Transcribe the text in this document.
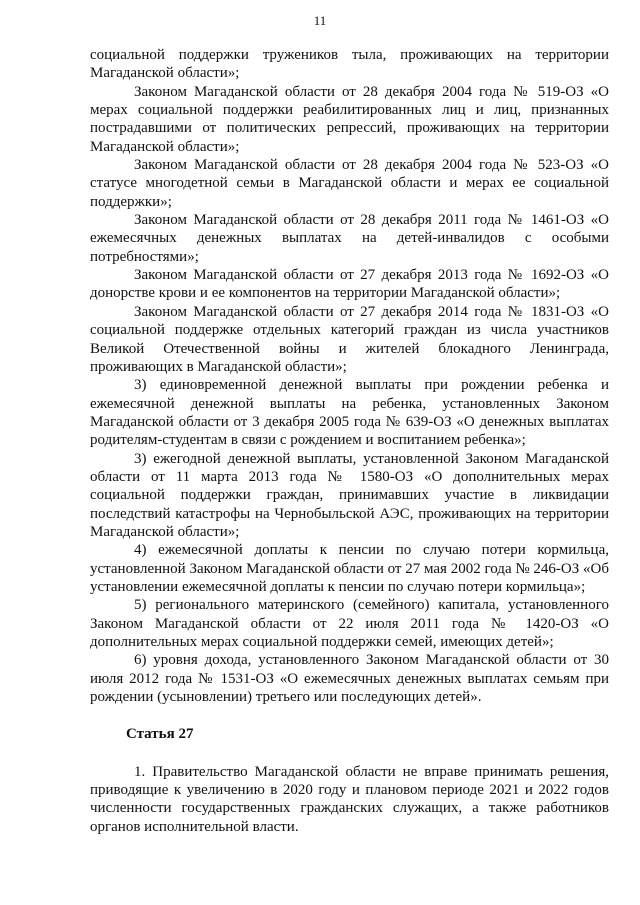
11

социальной поддержки тружеников тыла, проживающих на территории Магаданской области»;

Законом Магаданской области от 28 декабря 2004 года № 519-ОЗ «О мерах социальной поддержки реабилитированных лиц и лиц, признанных пострадавшими от политических репрессий, проживающих на территории Магаданской области»;

Законом Магаданской области от 28 декабря 2004 года № 523-ОЗ «О статусе многодетной семьи в Магаданской области и мерах ее социальной поддержки»;

Законом Магаданской области от 28 декабря 2011 года № 1461-ОЗ «О ежемесячных денежных выплатах на детей-инвалидов с особыми потребностями»;

Законом Магаданской области от 27 декабря 2013 года № 1692-ОЗ «О донорстве крови и ее компонентов на территории Магаданской области»;

Законом Магаданской области от 27 декабря 2014 года № 1831-ОЗ «О социальной поддержке отдельных категорий граждан из числа участников Великой Отечественной войны и жителей блокадного Ленинграда, проживающих в Магаданской области»;

3) единовременной денежной выплаты при рождении ребенка и ежемесячной денежной выплаты на ребенка, установленных Законом Магаданской области от 3 декабря 2005 года № 639-ОЗ «О денежных выплатах родителям-студентам в связи с рождением и воспитанием ребенка»;

3) ежегодной денежной выплаты, установленной Законом Магаданской области от 11 марта 2013 года № 1580-ОЗ «О дополнительных мерах социальной поддержки граждан, принимавших участие в ликвидации последствий катастрофы на Чернобыльской АЭС, проживающих на территории Магаданской области»;

4) ежемесячной доплаты к пенсии по случаю потери кормильца, установленной Законом Магаданской области от 27 мая 2002 года № 246-ОЗ «Об установлении ежемесячной доплаты к пенсии по случаю потери кормильца»;

5) регионального материнского (семейного) капитала, установленного Законом Магаданской области от 22 июля 2011 года № 1420-ОЗ «О дополнительных мерах социальной поддержки семей, имеющих детей»;

6) уровня дохода, установленного Законом Магаданской области от 30 июля 2012 года № 1531-ОЗ «О ежемесячных денежных выплатах семьям при рождении (усыновлении) третьего или последующих детей».

Статья 27

1. Правительство Магаданской области не вправе принимать решения, приводящие к увеличению в 2020 году и плановом периоде 2021 и 2022 годов численности государственных гражданских служащих, а также работников органов исполнительной власти.
